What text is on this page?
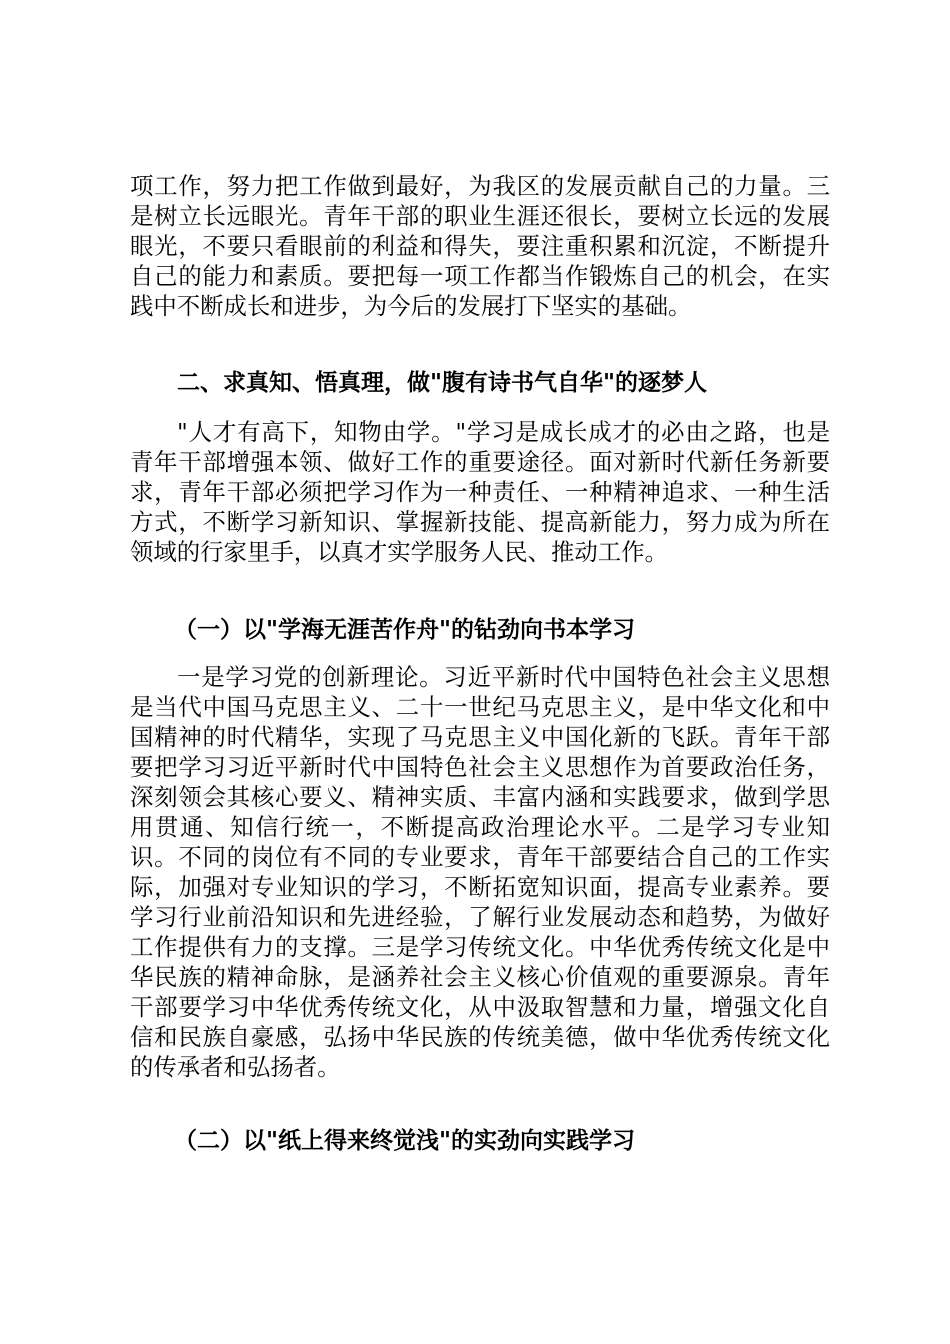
项工作，努力把工作做到最好，为我区的发展贡献自己的力量。三是树立长远眼光。青年干部的职业生涯还很长，要树立长远的发展眼光，不要只看眼前的利益和得失，要注重积累和沉淀，不断提升自己的能力和素质。要把每一项工作都当作锻炼自己的机会，在实践中不断成长和进步，为今后的发展打下坚实的基础。

二、求真知、悟真理，做"腹有诗书气自华"的逐梦人

"人才有高下，知物由学。"学习是成长成才的必由之路，也是青年干部增强本领、做好工作的重要途径。面对新时代新任务新要求，青年干部必须把学习作为一种责任、一种精神追求、一种生活方式，不断学习新知识、掌握新技能、提高新能力，努力成为所在领域的行家里手，以真才实学服务人民、推动工作。

（一）以"学海无涯苦作舟"的钻劲向书本学习

一是学习党的创新理论。习近平新时代中国特色社会主义思想是当代中国马克思主义、二十一世纪马克思主义，是中华文化和中国精神的时代精华，实现了马克思主义中国化新的飞跃。青年干部要把学习习近平新时代中国特色社会主义思想作为首要政治任务，深刻领会其核心要义、精神实质、丰富内涵和实践要求，做到学思用贯通、知信行统一，不断提高政治理论水平。二是学习专业知识。不同的岗位有不同的专业要求，青年干部要结合自己的工作实际，加强对专业知识的学习，不断拓宽知识面，提高专业素养。要学习行业前沿知识和先进经验，了解行业发展动态和趋势，为做好工作提供有力的支撑。三是学习传统文化。中华优秀传统文化是中华民族的精神命脉，是涵养社会主义核心价值观的重要源泉。青年干部要学习中华优秀传统文化，从中汲取智慧和力量，增强文化自信和民族自豪感，弘扬中华民族的传统美德，做中华优秀传统文化的传承者和弘扬者。

（二）以"纸上得来终觉浅"的实劲向实践学习
